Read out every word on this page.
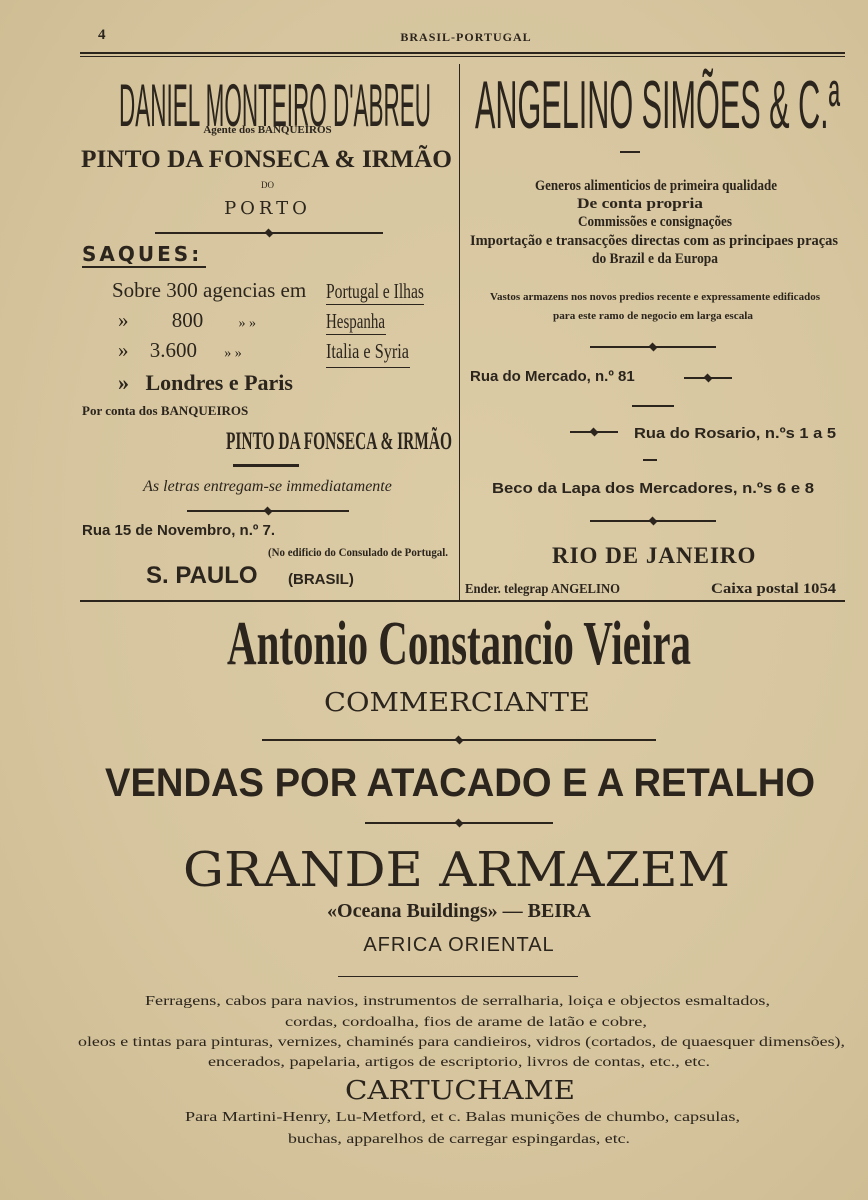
4	BRASIL-PORTUGAL
DANIEL MONTEIRO D'ABREU
Agente dos BANQUEIROS
PINTO DA FONSECA & IRMÃO
DO
PORTO
SAQUES:
Sobre 300 agencias em Portugal e Ilhas
» 800	» »	Hespanha
» 3.600 » »	Italia e Syria
»   Londres e Paris
Por conta dos BANQUEIROS
PINTO DA FONSECA & IRMÃO
As letras entregam-se immediatamente
Rua 15 de Novembro, n.º 7.
(No edificio do Consulado de Portugal.
S. PAULO (BRASIL)
ANGELINO SIMÕES & C.ª
Generos alimenticios de primeira qualidade
De conta propria
Commissões e consignações
Importação e transacções directas com as principaes praças
do Brazil e da Europa
Vastos armazens nos novos predios recente e expressamente edificados
para este ramo de negocio em larga escala
Rua do Mercado, n.º 81
Rua do Rosario, n.ºs 1 a 5
Beco da Lapa dos Mercadores, n.ºs 6 e 8
RIO DE JANEIRO
Ender. telegrap ANGELINO	Caixa postal 1054
Antonio Constancio Vieira
COMMERCIANTE
VENDAS POR ATACADO E A RETALHO
GRANDE ARMAZEM
«Oceana Buildings» — BEIRA
AFRICA ORIENTAL
Ferragens, cabos para navios, instrumentos de serralharia, loiça e objectos esmaltados,
cordas, cordoalha, fios de arame de latão e cobre,
oleos e tintas para pinturas, vernizes, chaminés para candieiros, vidros (cortados, de quaesquer dimensões),
encerados, papelaria, artigos de escriptorio, livros de contas, etc., etc.
CARTUCHAME
Para Martini-Henry, Lu-Metford, et c. Balas munições de chumbo, capsulas,
buchas, apparelhos de carregar espingardas, etc.
